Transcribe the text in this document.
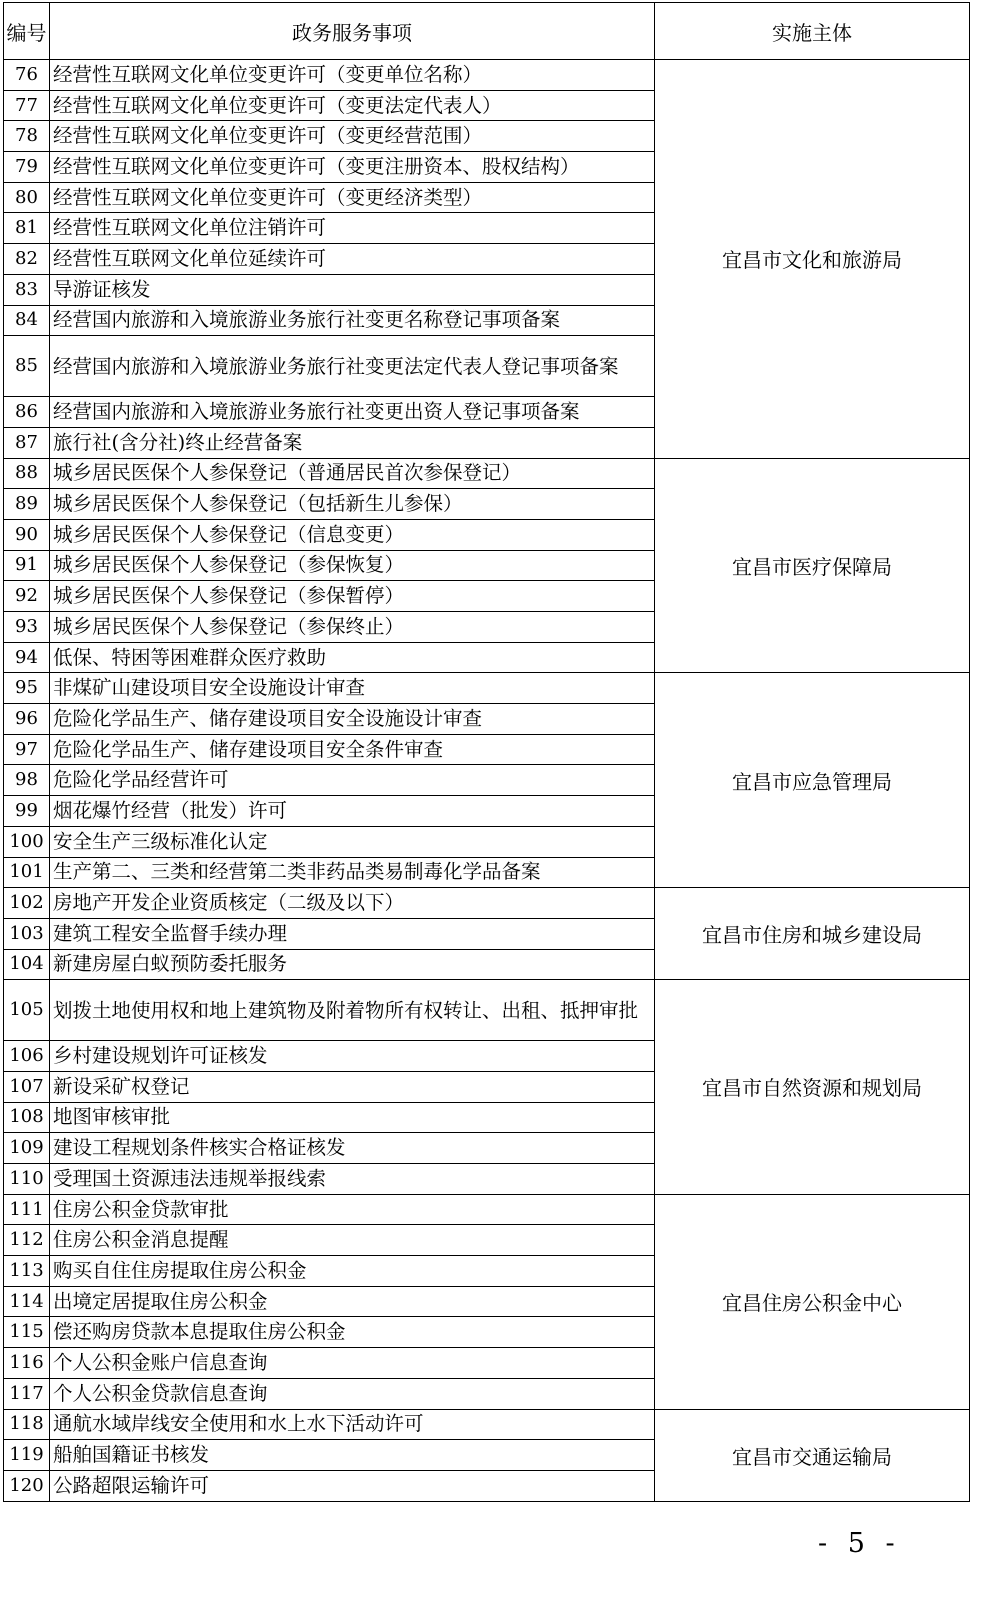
编号	政务服务事项	实施主体
76	经营性互联网文化单位变更许可（变更单位名称）	宜昌市文化和旅游局
77	经营性互联网文化单位变更许可（变更法定代表人）	
78	经营性互联网文化单位变更许可（变更经营范围）	
79	经营性互联网文化单位变更许可（变更注册资本、股权结构）	
80	经营性互联网文化单位变更许可（变更经济类型）	
81	经营性互联网文化单位注销许可	
82	经营性互联网文化单位延续许可	
83	导游证核发	
84	经营国内旅游和入境旅游业务旅行社变更名称登记事项备案	
85	经营国内旅游和入境旅游业务旅行社变更法定代表人登记事项备案	
86	经营国内旅游和入境旅游业务旅行社变更出资人登记事项备案	
87	旅行社(含分社)终止经营备案	
88	城乡居民医保个人参保登记（普通居民首次参保登记）	宜昌市医疗保障局
89	城乡居民医保个人参保登记（包括新生儿参保）	
90	城乡居民医保个人参保登记（信息变更）	
91	城乡居民医保个人参保登记（参保恢复）	
92	城乡居民医保个人参保登记（参保暂停）	
93	城乡居民医保个人参保登记（参保终止）	
94	低保、特困等困难群众医疗救助	
95	非煤矿山建设项目安全设施设计审查	宜昌市应急管理局
96	危险化学品生产、储存建设项目安全设施设计审查	
97	危险化学品生产、储存建设项目安全条件审查	
98	危险化学品经营许可	
99	烟花爆竹经营（批发）许可	
100	安全生产三级标准化认定	
101	生产第二、三类和经营第二类非药品类易制毒化学品备案	
102	房地产开发企业资质核定（二级及以下）	宜昌市住房和城乡建设局
103	建筑工程安全监督手续办理	
104	新建房屋白蚁预防委托服务	
105	划拨土地使用权和地上建筑物及附着物所有权转让、出租、抵押审批	宜昌市自然资源和规划局
106	乡村建设规划许可证核发	
107	新设采矿权登记	
108	地图审核审批	
109	建设工程规划条件核实合格证核发	
110	受理国土资源违法违规举报线索	
111	住房公积金贷款审批	宜昌住房公积金中心
112	住房公积金消息提醒	
113	购买自住住房提取住房公积金	
114	出境定居提取住房公积金	
115	偿还购房贷款本息提取住房公积金	
116	个人公积金账户信息查询	
117	个人公积金贷款信息查询	
118	通航水域岸线安全使用和水上水下活动许可	宜昌市交通运输局
119	船舶国籍证书核发	
120	公路超限运输许可	
- 5 -
